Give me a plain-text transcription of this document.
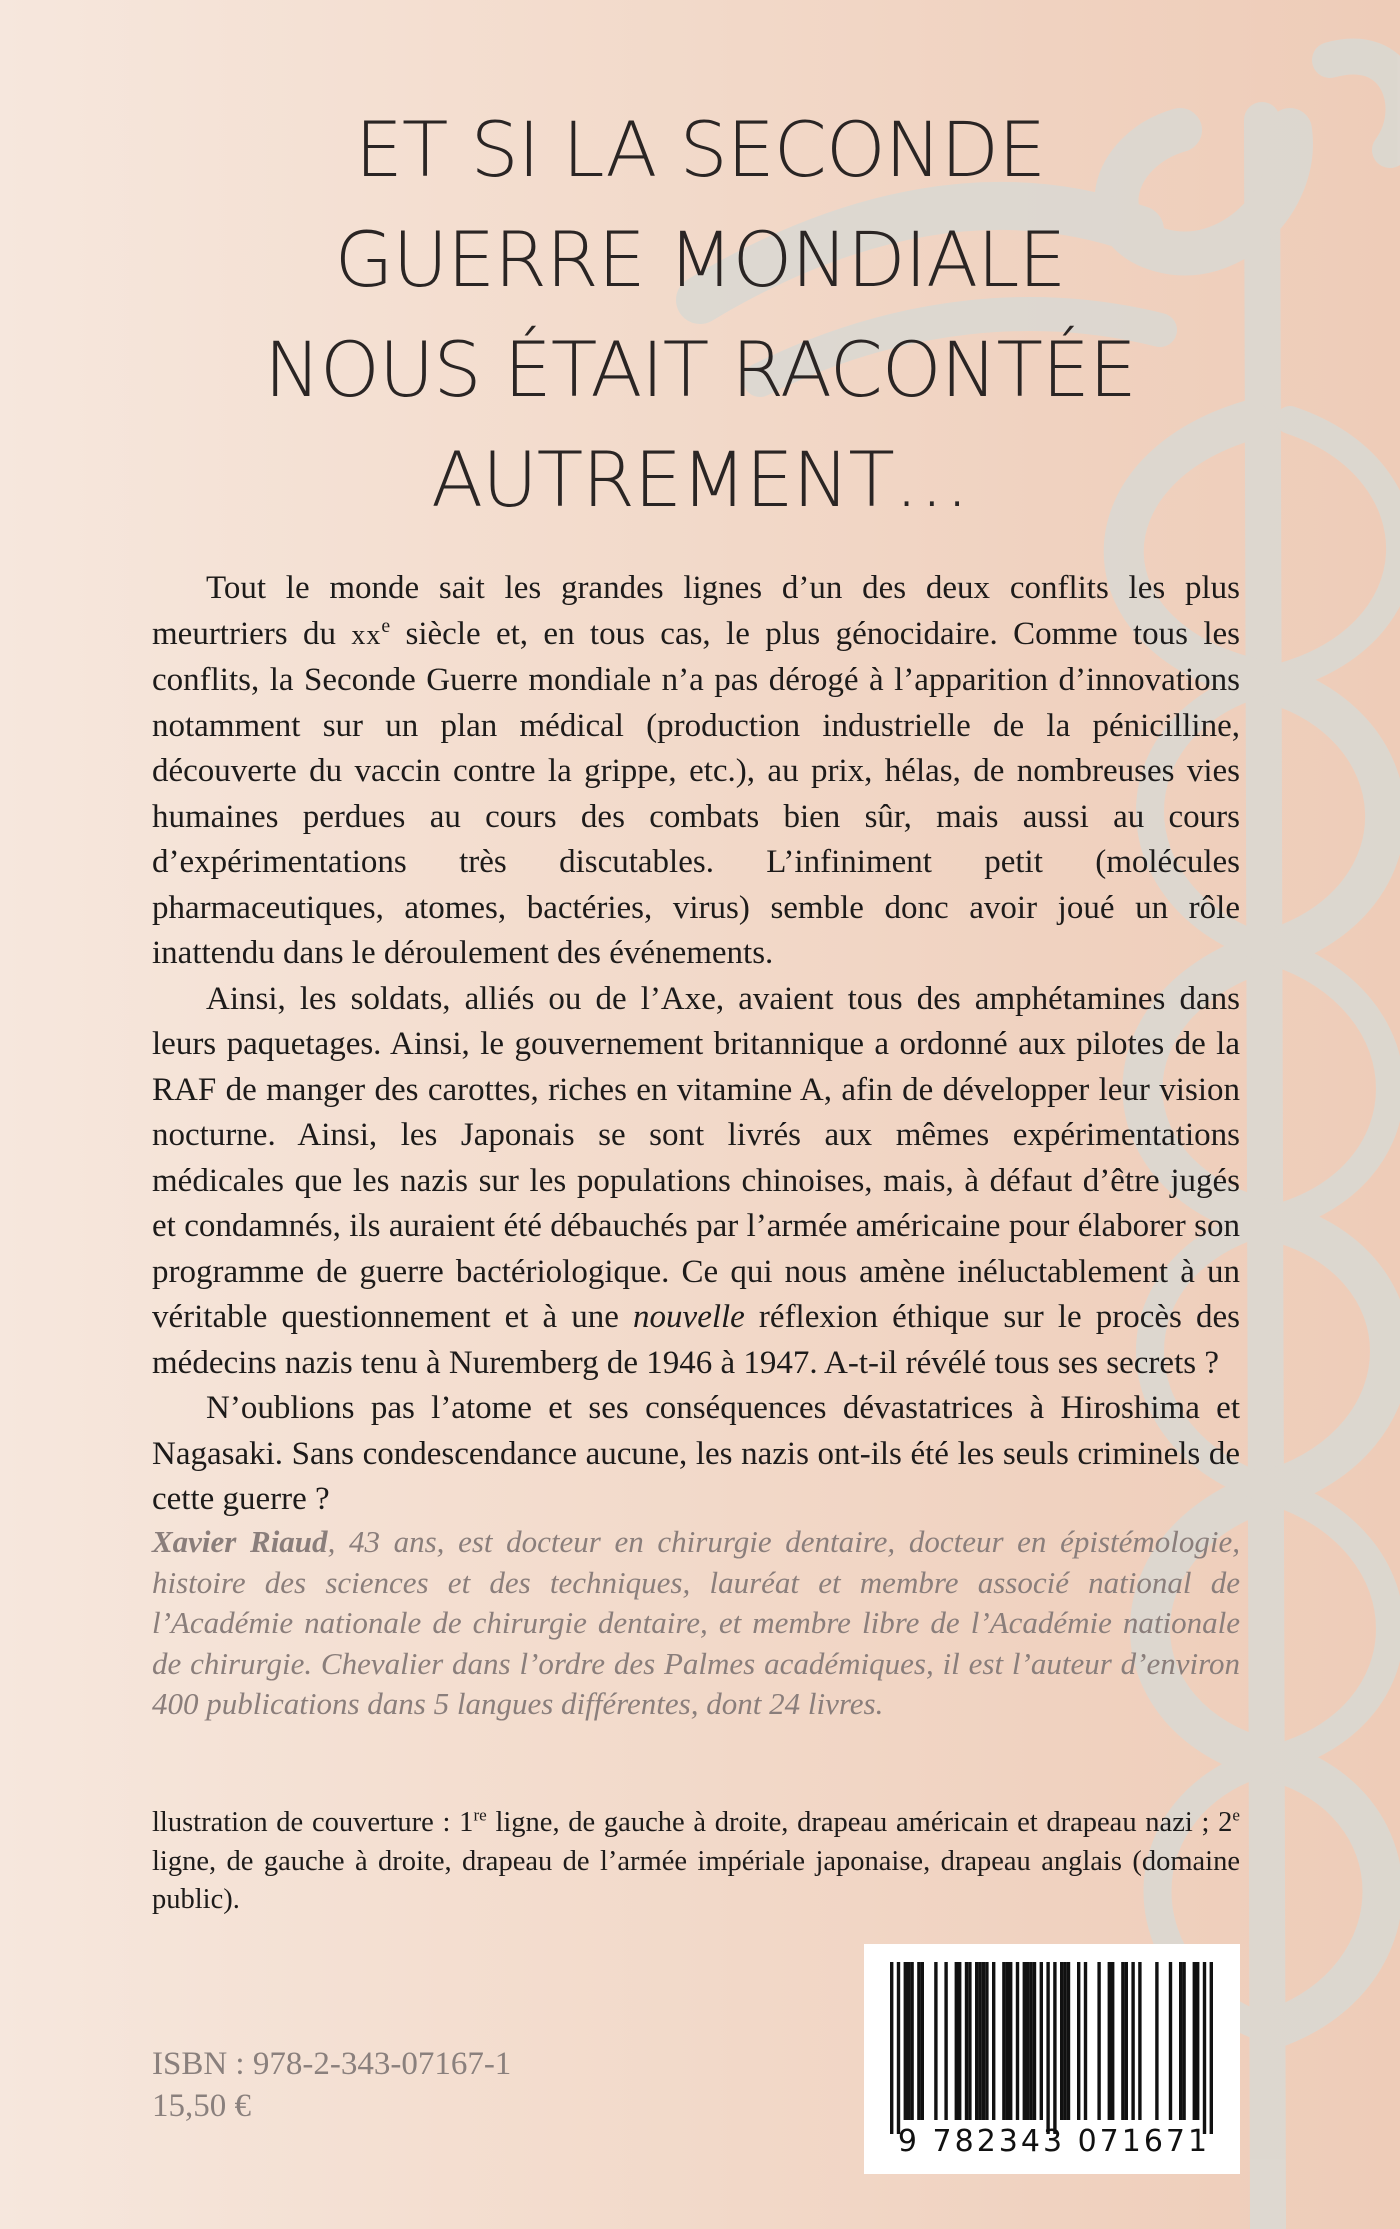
ET SI LA SECONDE
GUERRE MONDIALE
NOUS ÉTAIT RACONTÉE
AUTREMENT…

Tout le monde sait les grandes lignes d’un des deux conflits les plus meurtriers du $xx^e$ siècle et, en tous cas, le plus génocidaire. Comme tous les conflits, la Seconde Guerre mondiale n’a pas dérogé à l’apparition d’innovations notamment sur un plan médical (production industrielle de la pénicilline, découverte du vaccin contre la grippe, etc.), au prix, hélas, de nombreuses vies humaines perdues au cours des combats bien sûr, mais aussi au cours d’expérimentations très discutables. L’infiniment petit (molécules pharmaceutiques, atomes, bactéries, virus) semble donc avoir joué un rôle inattendu dans le déroulement des événements.

Ainsi, les soldats, alliés ou de l’Axe, avaient tous des amphétamines dans leurs paquetages. Ainsi, le gouvernement britannique a ordonné aux pilotes de la RAF de manger des carottes, riches en vitamine A, afin de développer leur vision nocturne. Ainsi, les Japonais se sont livrés aux mêmes expérimentations médicales que les nazis sur les populations chinoises, mais, à défaut d’être jugés et condamnés, ils auraient été débauchés par l’armée américaine pour élaborer son programme de guerre bactériologique. Ce qui nous amène inéluctablement à un véritable questionnement et à une nouvelle réflexion éthique sur le procès des médecins nazis tenu à Nuremberg de 1946 à 1947. A-t-il révélé tous ses secrets ?

N’oublions pas l’atome et ses conséquences dévastatrices à Hiroshima et Nagasaki. Sans condescendance aucune, les nazis ont-ils été les seuls criminels de cette guerre ?

Xavier Riaud, 43 ans, est docteur en chirurgie dentaire, docteur en épistémologie, histoire des sciences et des techniques, lauréat et membre associé national de l’Académie nationale de chirurgie dentaire, et membre libre de l’Académie nationale de chirurgie. Chevalier dans l’ordre des Palmes académiques, il est l’auteur d’environ 400 publications dans 5 langues différentes, dont 24 livres.
llustration de couverture : 1re ligne, de gauche à droite, drapeau américain et drapeau nazi ; 2e ligne, de gauche à droite, drapeau de l’armée impériale japonaise, drapeau anglais (domaine public).
ISBN : 978-2-343-07167-1
15,50 €
9 782343 071671
